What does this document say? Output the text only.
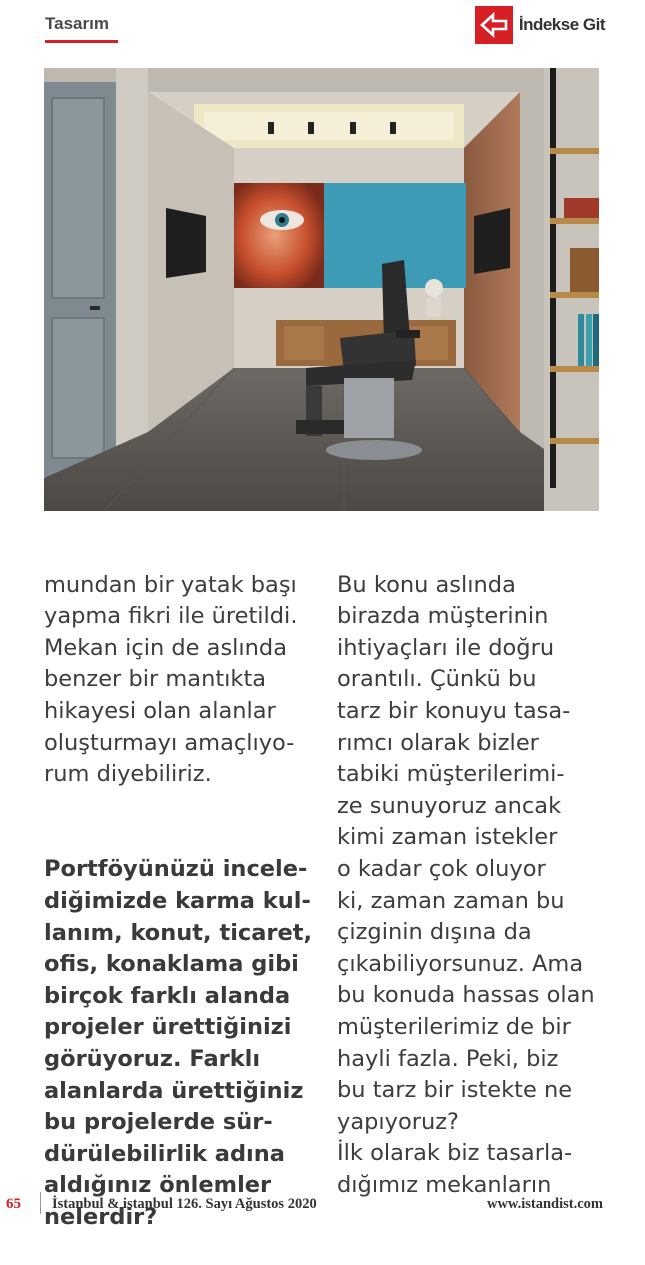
Tasarım	İndekse Git

mundan bir yatak başı
yapma fikri ile üretildi.
Mekan için de aslında
benzer bir mantıkta
hikayesi olan alanlar
oluşturmayı amaçlıyo-
rum diyebiliriz.

Portföyünüzü incele-
diğimizde karma kul-
lanım, konut, ticaret,
ofis, konaklama gibi
birçok farklı alanda
projeler ürettiğinizi
görüyoruz. Farklı
alanlarda ürettiğiniz
bu projelerde sür-
dürülebilirlik adına
aldığınız önlemler
nelerdir?

Bu konu aslında
birazda müşterinin
ihtiyaçları ile doğru
orantılı. Çünkü bu
tarz bir konuyu tasa-
rımcı olarak bizler
tabiki müşterilerimi-
ze sunuyoruz ancak
kimi zaman istekler
o kadar çok oluyor
ki, zaman zaman bu
çizginin dışına da
çıkabiliyorsunuz. Ama
bu konuda hassas olan
müşterilerimiz de bir
hayli fazla. Peki, biz
bu tarz bir istekte ne
yapıyoruz?
İlk olarak biz tasarla-
dığımız mekanların

65 İstanbul & istanbul 126. Sayı Ağustos 2020	www.istandist.com
